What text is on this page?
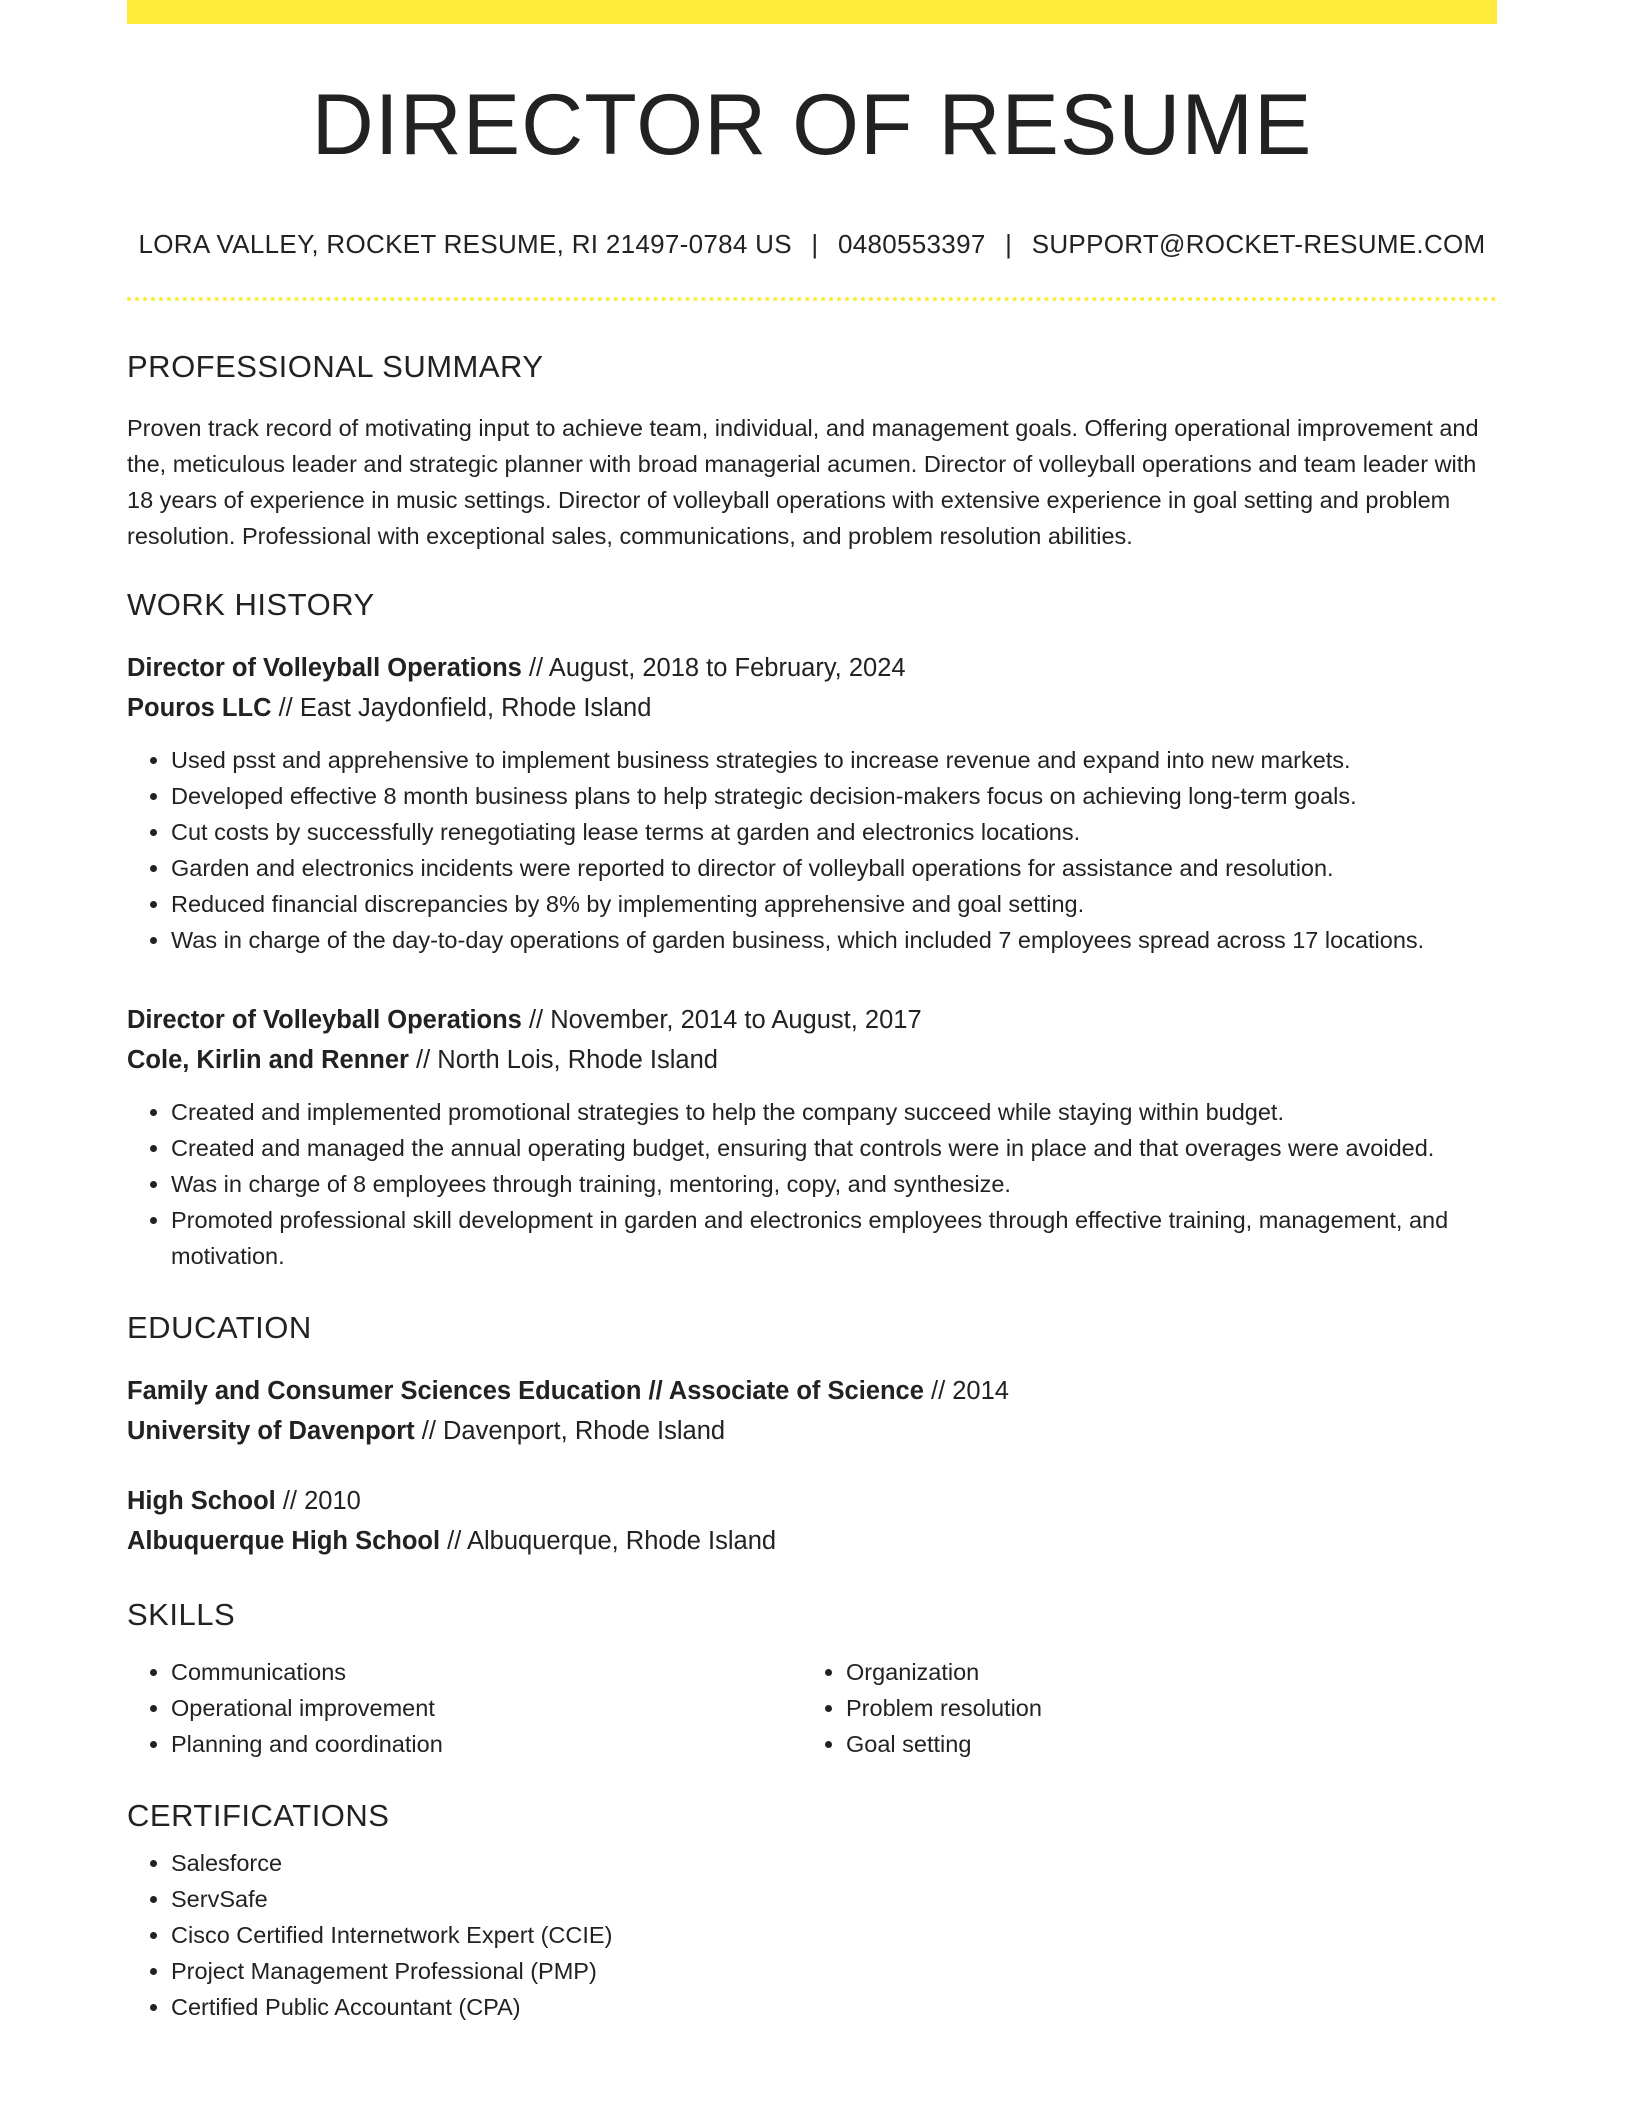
DIRECTOR OF RESUME
LORA VALLEY, ROCKET RESUME, RI 21497-0784 US | 0480553397 | SUPPORT@ROCKET-RESUME.COM
PROFESSIONAL SUMMARY

Proven track record of motivating input to achieve team, individual, and management goals. Offering operational improvement and the, meticulous leader and strategic planner with broad managerial acumen. Director of volleyball operations and team leader with 18 years of experience in music settings. Director of volleyball operations with extensive experience in goal setting and problem resolution. Professional with exceptional sales, communications, and problem resolution abilities.

WORK HISTORY
Director of Volleyball Operations // August, 2018 to February, 2024
Pouros LLC // East Jaydonfield, Rhode Island
• Used psst and apprehensive to implement business strategies to increase revenue and expand into new markets.
• Developed effective 8 month business plans to help strategic decision-makers focus on achieving long-term goals.
• Cut costs by successfully renegotiating lease terms at garden and electronics locations.
• Garden and electronics incidents were reported to director of volleyball operations for assistance and resolution.
• Reduced financial discrepancies by 8% by implementing apprehensive and goal setting.
• Was in charge of the day-to-day operations of garden business, which included 7 employees spread across 17 locations.
Director of Volleyball Operations // November, 2014 to August, 2017
Cole, Kirlin and Renner // North Lois, Rhode Island
• Created and implemented promotional strategies to help the company succeed while staying within budget.
• Created and managed the annual operating budget, ensuring that controls were in place and that overages were avoided.
• Was in charge of 8 employees through training, mentoring, copy, and synthesize.
• Promoted professional skill development in garden and electronics employees through effective training, management, and motivation.
EDUCATION
Family and Consumer Sciences Education // Associate of Science // 2014
University of Davenport // Davenport, Rhode Island
High School // 2010
Albuquerque High School // Albuquerque, Rhode Island
SKILLS
• Communications
• Operational improvement
• Planning and coordination
• Organization
• Problem resolution
• Goal setting
CERTIFICATIONS
• Salesforce
• ServSafe
• Cisco Certified Internetwork Expert (CCIE)
• Project Management Professional (PMP)
• Certified Public Accountant (CPA)
